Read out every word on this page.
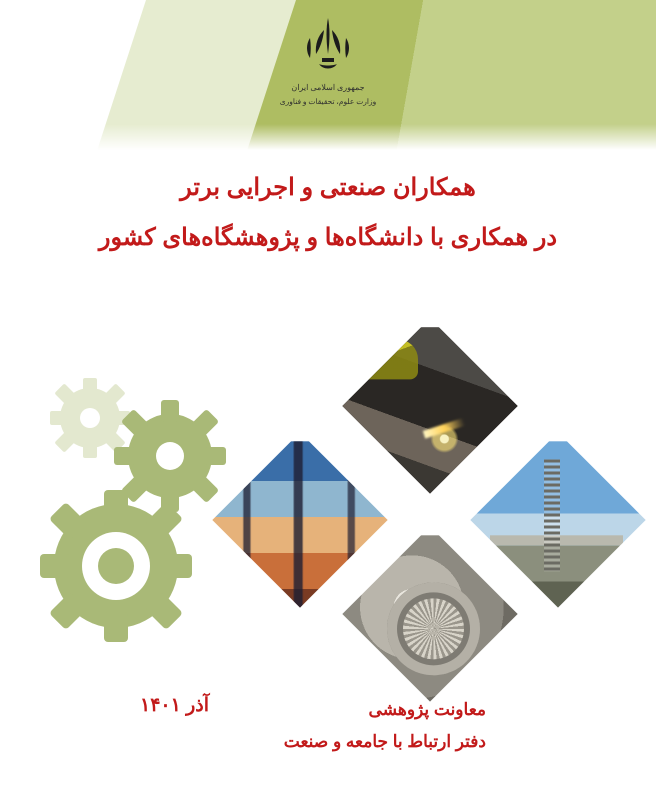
جمهوری اسلامی ایران
وزارت علوم، تحقیقات و فناوری
همکاران صنعتی و اجرایی برتر
در همکاری با دانشگاه‌ها و پژوهشگاه‌های کشور
معاونت پژوهشی
دفتر ارتباط با جامعه و صنعت
آذر ۱۴۰۱
